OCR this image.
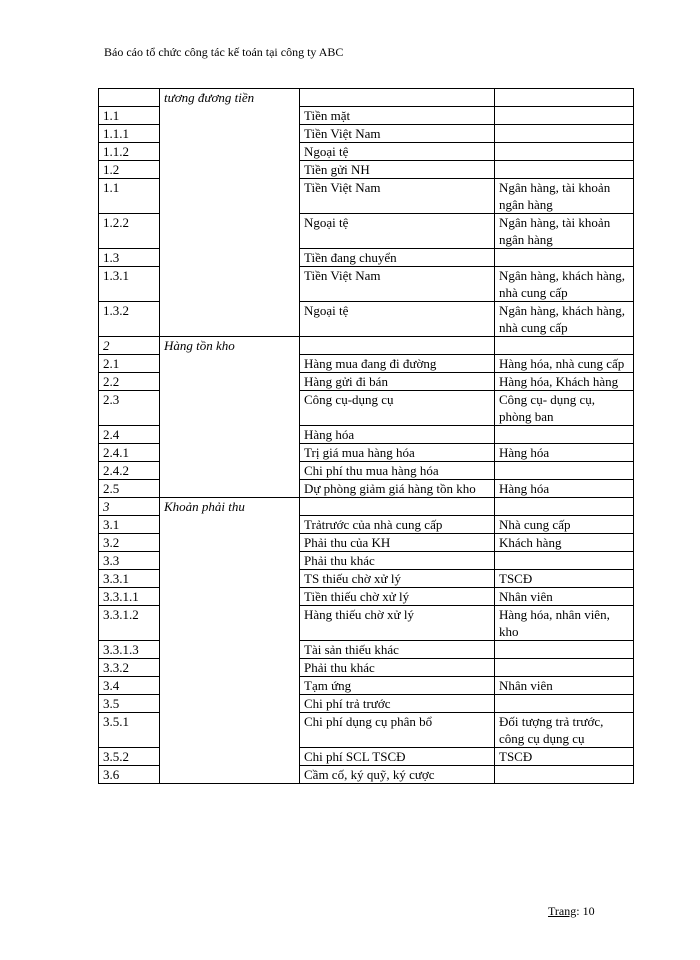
Báo cáo tổ chức công tác kế toán tại công ty ABC
	tương đương tiền		
1.1		Tiền mặt	
1.1.1		Tiền Việt Nam	
1.1.2		Ngoại tệ	
1.2		Tiền gửi NH	
1.1		Tiền Việt Nam	Ngân hàng, tài khoản ngân hàng
1.2.2		Ngoại tệ	Ngân hàng, tài khoản ngân hàng
1.3		Tiền đang chuyển	
1.3.1		Tiền Việt Nam	Ngân hàng, khách hàng, nhà cung cấp
1.3.2		Ngoại tệ	Ngân hàng, khách hàng, nhà cung cấp
2	Hàng tồn kho		
2.1		Hàng mua đang đi đường	Hàng hóa, nhà cung cấp
2.2		Hàng gửi đi bán	Hàng hóa, Khách hàng
2.3		Công cụ-dụng cụ	Công cụ- dụng cụ, phòng ban
2.4		Hàng hóa	
2.4.1		Trị giá mua hàng hóa	Hàng hóa
2.4.2		Chi phí thu mua hàng hóa	
2.5		Dự phòng giảm giá hàng tồn kho	Hàng hóa
3	Khoản phải thu		
3.1		Trảtrước của nhà cung cấp	Nhà cung cấp
3.2		Phải thu của KH	Khách hàng
3.3		Phải thu khác	
3.3.1		TS thiếu chờ xử lý	TSCĐ
3.3.1.1		Tiền thiếu chờ xử lý	Nhân viên
3.3.1.2		Hàng thiếu chờ xử lý	Hàng hóa, nhân viên, kho
3.3.1.3		Tài sản thiếu khác	
3.3.2		Phải thu khác	
3.4		Tạm ứng	Nhân viên
3.5		Chi phí trả trước	
3.5.1		Chi phí dụng cụ phân bổ	Đối tượng trả trước, công cụ dụng cụ
3.5.2		Chi phí SCL TSCĐ	TSCĐ
3.6		Cầm cố, ký quỹ, ký cược	
Trang: 10
